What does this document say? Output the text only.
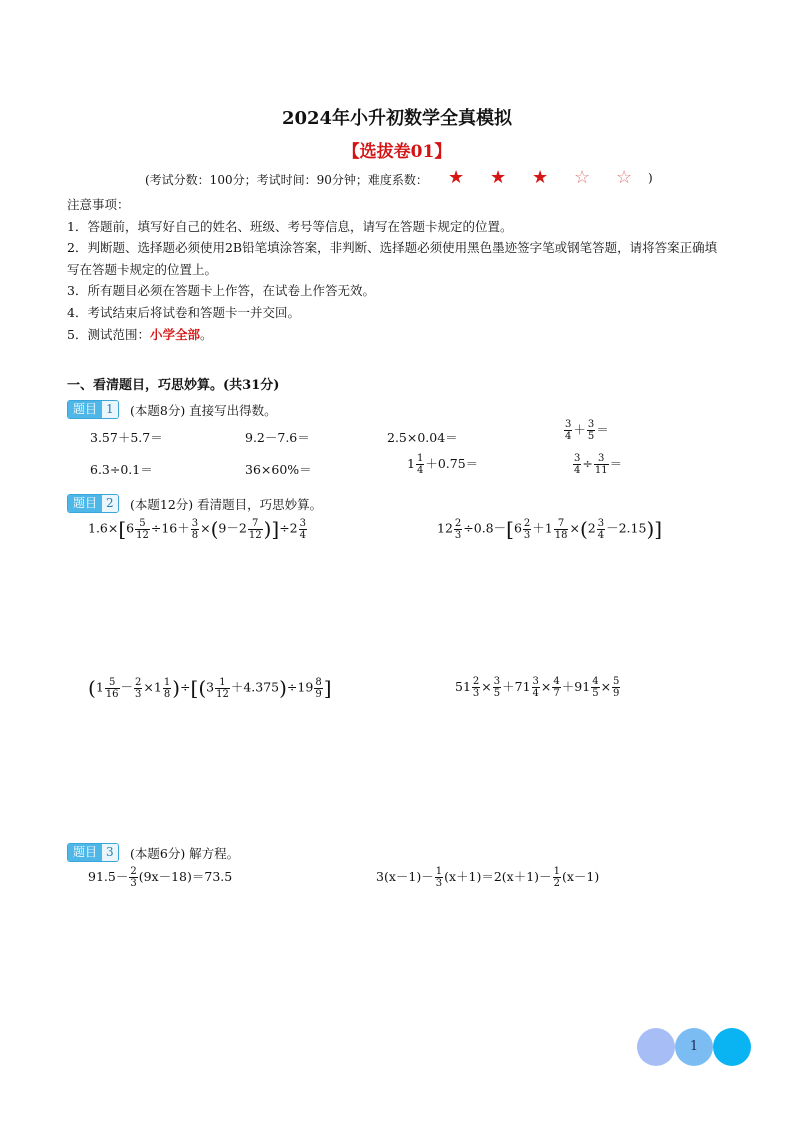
2024年小升初数学全真模拟
【选拔卷01】
(考试分数：100分；考试时间：90分钟；难度系数： ★ ★ ★ ☆ ☆ )
注意事项：
1．答题前，填写好自己的姓名、班级、考号等信息，请写在答题卡规定的位置。
2．判断题、选择题必须使用2B铅笔填涂答案，非判断、选择题必须使用黑色墨迹签字笔或钢笔答题，请将答案正确填写在答题卡规定的位置上。
3．所有题目必须在答题卡上作答，在试卷上作答无效。
4．考试结束后将试卷和答题卡一并交回。
5．测试范围：小学全部。
一、看清题目，巧思妙算。(共31分)
题目 1	(本题8分) 直接写出得数。
3.57＋5.7＝	9.2－7.6＝	2.5×0.04＝	$\frac{3}{4} + \frac{3}{5}$ ＝
6.3÷0.1＝	36×60%＝	$1 \frac{1}{4} +0.75=$	$\frac{3}{4} \div \frac{3}{11}$ ＝
题目 2	(本题12分) 看清题目，巧思妙算。
$1.6\times[6 \frac{5}{12} \div 16+ \frac{3}{8} \times(9-2 \frac{7}{12} )]\div 2 \frac{3}{4}$	$12 \frac{2}{3} \div 0.8-[6 \frac{2}{3} +1 \frac{7}{18} \times(2 \frac{3}{4} -2.15)]$
$(1 \frac{5}{16} - \frac{2}{3} \times 1 \frac{1}{8} )\div[(3 \frac{1}{12} +4.375)\div 19 \frac{8}{9}$ ]	$51 \frac{2}{3} \times \frac{3}{5} +71 \frac{3}{4} \times \frac{4}{7} +91 \frac{4}{5} \times \frac{5}{9}$
题目 3	(本题6分) 解方程。
$91.5- \frac{2}{3} (9x-18)=73.5$	$3(x-1)- \frac{1}{3} (x+1)=2(x+1)- \frac{1}{2} (x-1)$
1
